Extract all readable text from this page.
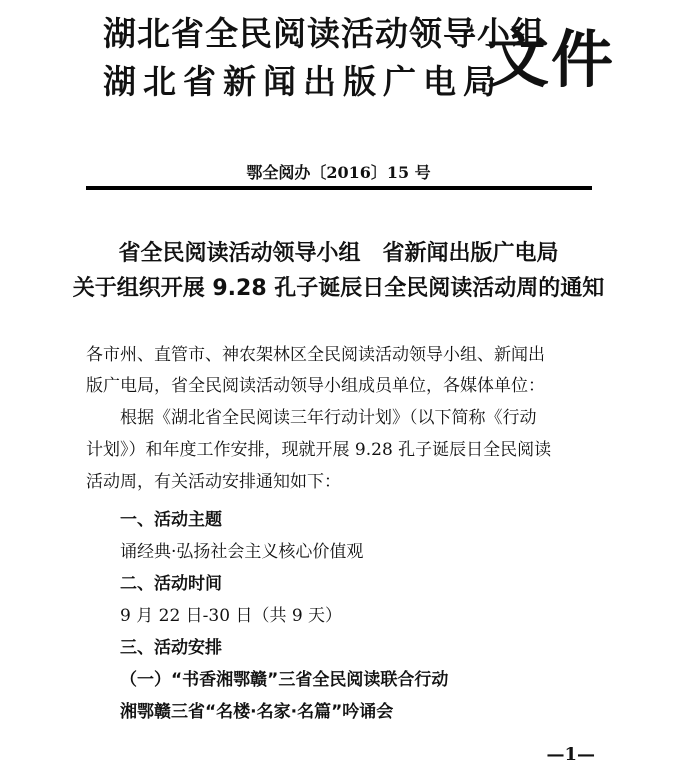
湖北省全民阅读活动领导小组
湖北省新闻出版广电局
文件
鄂全阅办〔2016〕15 号
省全民阅读活动领导小组　省新闻出版广电局
关于组织开展 9.28 孔子诞辰日全民阅读活动周的通知
各市州、直管市、神农架林区全民阅读活动领导小组、新闻出
版广电局，省全民阅读活动领导小组成员单位，各媒体单位：
根据《湖北省全民阅读三年行动计划》（以下简称《行动
计划》）和年度工作安排，现就开展 9.28 孔子诞辰日全民阅读
活动周，有关活动安排通知如下：
一、活动主题
诵经典·弘扬社会主义核心价值观
二、活动时间
9 月 22 日-30 日（共 9 天）
三、活动安排
（一）“书香湘鄂赣”三省全民阅读联合行动
湘鄂赣三省“名楼·名家·名篇”吟诵会
—1—
